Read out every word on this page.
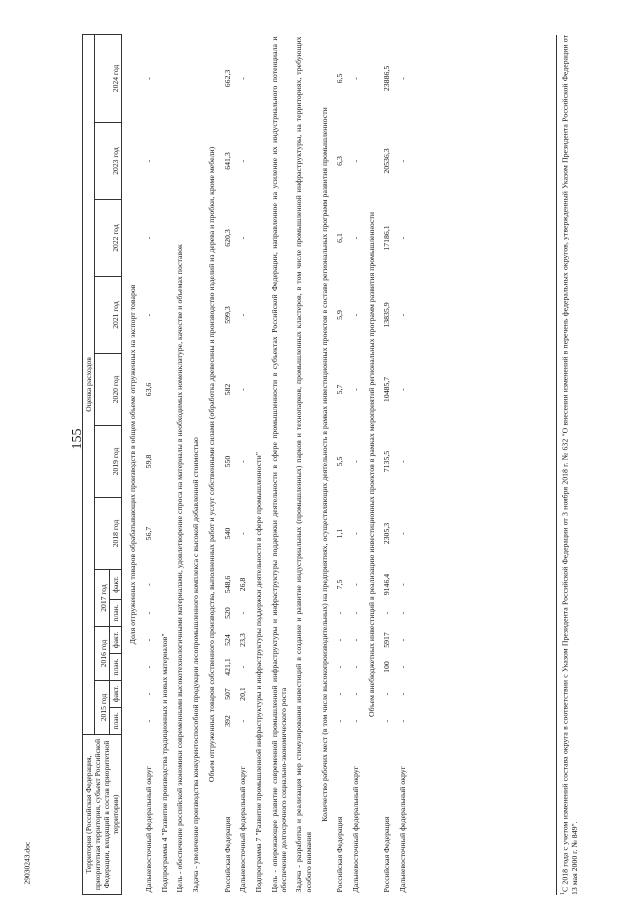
155
2903024З.doc	Территория (Российская Федерация, приоритетная территория, субъект Российской Федерации, входящий в состав приоритетной территории)	Оценка расходов												
	2015 год		2016 год		2017 год		2018 год	2019 год	2020 год	2021 год	2022 год	2023 год	2024 год
	план.	факт.	план.	факт.	план.	факт.							
Доля отгруженных товаров обрабатывающих производств в общем объеме отгруженных на экспорт товаров													
Дальневосточный федеральный округ	-	-	-	-	-	-	56,7	59,8	63,6	-	-	-	-
Подпрограмма 4 "Развитие производства традиционных и новых материалов"													
Цель - обеспечение российской экономики современными высокотехнологичными материалами, удовлетворение спроса на материалы в необходимых номенклатуре, качестве и объемах поставок													
Задача - увеличение производства конкурентоспособной продукции лесопромышленного комплекса с высокой добавленной стоимостью													
Объем отгруженных товаров собственного производства, выполненных работ и услуг собственными силами (обработка древесины и производство изделий из дерева и пробки, кроме мебели)													
Российская Федерация	392	507	421,1	524	520	548,6	540	550	582	599,3	620,3	641,3	662,3
Дальневосточный федеральный округ	-	20,1	-	23,3	-	26,8	-	-	-	-	-	-	-
Подпрограмма 7 "Развитие промышленной инфраструктуры и инфраструктуры поддержки деятельности в сфере промышленности"													
Цель - опережающее развитие современной промышленной инфраструктуры и инфраструктуры поддержки деятельности в сфере промышленности в субъектах Российской Федерации, направленное на усиление их индустриального потенциала и обеспечение долгосрочного социально-экономического роста													
Задача - разработка и реализация мер стимулирования инвестиций в создание и развитие индустриальных (промышленных) парков и технопарков, промышленных кластеров, в том числе промышленной инфраструктуры, на территориях, требующих особого внимания													
Количество рабочих мест (в том числе высокопроизводительных) на предприятиях, осуществляющих деятельность в рамках инвестиционных проектов в составе региональных программ развития промышленности													
Российская Федерация	-	-	-	-	-	7,5	1,1	5,5	5,7	5,9	6,1	6,3	6,5
Дальневосточный федеральный округ	-	-	-	-	-	-	-	-	-	-	-	-	-
Объем внебюджетных инвестиций в реализацию инвестиционных проектов в рамках мероприятий региональных программ развития промышленности													
Российская Федерация	-	-	100	5917	-	9146,4	2305,3	7135,5	10485,7	13835,9	17186,1	20536,3	23886,5
Дальневосточный федеральный округ	-	-	-	-	-	-	-	-	-	-	-	-	-
$^1$С 2018 года с учетом изменений состава округа в соответствии с Указом Президента Российской Федерации от 3 ноября 2018 г. № 632 "О внесении изменений в перечень федеральных округов, утвержденный Указом Президента Российской Федерации от 13 мая 2000 г. № 849".
